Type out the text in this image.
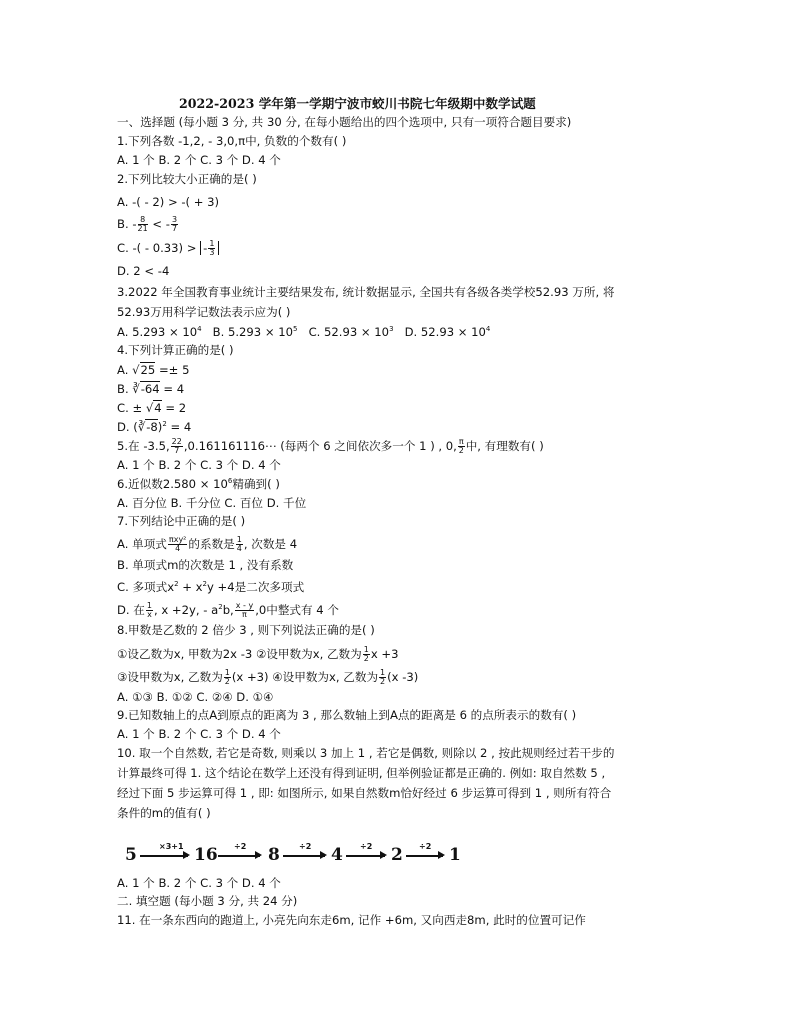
2022-2023 学年第一学期宁波市蛟川书院七年级期中数学试题
一、选择题 (每小题 3 分, 共 30 分, 在每小题给出的四个选项中, 只有一项符合题目要求)
1.下列各数 -1,2, - 3,0,π中, 负数的个数有( )
A. 1 个 B. 2 个 C. 3 个 D. 4 个
2.下列比较大小正确的是( )
A. -( - 2) > -( + 3)
B. - $\frac{8}{21}$ < - $\frac{3}{7}$
C. -( - 0.33) > - $\frac{1}{3}$
D. 2 < -4
3.2022 年全国教育事业统计主要结果发布, 统计数据显示, 全国共有各级各类学校52.93 万所, 将
52.93万用科学记数法表示应为( )
A. $5.293 \times 10^4$ B. $5.293 \times 10^5$ C. $52.93 \times 10^3$ D. $52.93 \times 10^4$
4.下列计算正确的是( )
A. √25 =± 5
B. ∛-64 = 4
C. ± √4 = 2
D. (∛-8)$^2$ = 4
5.在 -3.5, $\frac{22}{7}$ ,0.161161116⋯ (每两个 6 之间依次多一个 1 ) , 0, $\frac{\pi}{2}$ 中, 有理数有( )
A. 1 个 B. 2 个 C. 3 个 D. 4 个
6.近似数$2.580 \times 10^6$精确到( )
A. 百分位 B. 千分位 C. 百位 D. 千位
7.下列结论中正确的是( )
A. 单项式 $\frac{\text{πxy²}}{4}$ 的系数是 $\frac{1}{4}$ , 次数是 4
B. 单项式m的次数是 1 , 没有系数
C. 多项式$x^2 + x^2y +4$是二次多项式
D. 在 $\frac{1}{x}$ , x +2y, - $a^2b$, $\frac{x - y}{\pi} ,0$中整式有 4 个
8.甲数是乙数的 2 倍少 3 , 则下列说法正确的是( )
①设乙数为x, 甲数为2x -3 ②设甲数为x, 乙数为 $\frac{1}{2}$ x +3
③设甲数为x, 乙数为 $\frac{1}{2} (x +3)$ ④设甲数为x, 乙数为 $\frac{1}{2} (x$ -3)
A. ①③ B. ①② C. ②④ D. ①④
9.已知数轴上的点A到原点的距离为 3 , 那么数轴上到A点的距离是 6 的点所表示的数有( )
A. 1 个 B. 2 个 C. 3 个 D. 4 个
10. 取一个自然数, 若它是奇数, 则乘以 3 加上 1 , 若它是偶数, 则除以 2 , 按此规则经过若干步的
计算最终可得 1. 这个结论在数学上还没有得到证明, 但举例验证都是正确的. 例如: 取自然数 5 ,
经过下面 5 步运算可得 1 , 即: 如图所示, 如果自然数m恰好经过 6 步运算可得到 1 , 则所有符合
条件的m的值有( )
5	×3+1 16 ÷2 8 ÷2 4 ÷2 2 ÷2 1
A. 1 个 B. 2 个 C. 3 个 D. 4 个
二. 填空题 (每小题 3 分, 共 24 分)
11. 在一条东西向的跑道上, 小亮先向东走6m, 记作 +6m, 又向西走8m, 此时的位置可记作
